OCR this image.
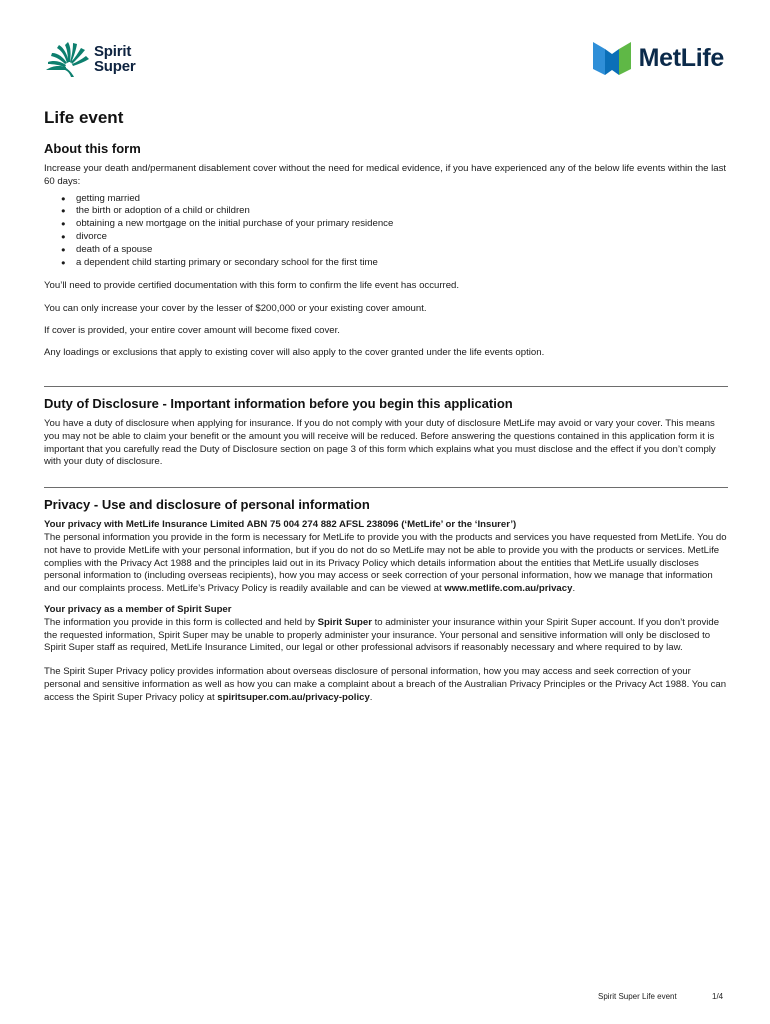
Spirit
Super	MetLife
Life event
About this form

Increase your death and/permanent disablement cover without the need for medical evidence, if you have experienced any of the below life events within the last 60 days:

● getting married
● the birth or adoption of a child or children
● obtaining a new mortgage on the initial purchase of your primary residence
● divorce
● death of a spouse
● a dependent child starting primary or secondary school for the first time

You’ll need to provide certified documentation with this form to confirm the life event has occurred.

You can only increase your cover by the lesser of $200,000 or your existing cover amount.

If cover is provided, your entire cover amount will become fixed cover.

Any loadings or exclusions that apply to existing cover will also apply to the cover granted under the life events option.

Duty of Disclosure - Important information before you begin this application

You have a duty of disclosure when applying for insurance. If you do not comply with your duty of disclosure MetLife may avoid or vary your cover. This means you may not be able to claim your benefit or the amount you will receive will be reduced. Before answering the questions contained in this application form it is important that you carefully read the Duty of Disclosure section on page 3 of this form which explains what you must disclose and the effect if you don’t comply with your duty of disclosure.

Privacy - Use and disclosure of personal information
Your privacy with MetLife Insurance Limited ABN 75 004 274 882 AFSL 238096 (‘MetLife’ or the ‘Insurer’)

The personal information you provide in the form is necessary for MetLife to provide you with the products and services you have requested from MetLife. You do not have to provide MetLife with your personal information, but if you do not do so MetLife may not be able to provide you with the products or services. MetLife complies with the Privacy Act 1988 and the principles laid out in its Privacy Policy which details information about the entities that MetLife usually discloses personal information to (including overseas recipients), how you may access or seek correction of your personal information, how we manage that information and our complaints process. MetLife’s Privacy Policy is readily available and can be viewed at www.metlife.com.au/privacy.

Your privacy as a member of Spirit Super

The information you provide in this form is collected and held by Spirit Super to administer your insurance within your Spirit Super account. If you don’t provide the requested information, Spirit Super may be unable to properly administer your insurance. Your personal and sensitive information will only be disclosed to Spirit Super staff as required, MetLife Insurance Limited, our legal or other professional advisors if reasonably necessary and where required to by law.

The Spirit Super Privacy policy provides information about overseas disclosure of personal information, how you may access and seek correction of your personal and sensitive information as well as how you can make a complaint about a breach of the Australian Privacy Principles or the Privacy Act 1988. You can access the Spirit Super Privacy policy at spiritsuper.com.au/privacy-policy.

Spirit Super Life event	1/4
